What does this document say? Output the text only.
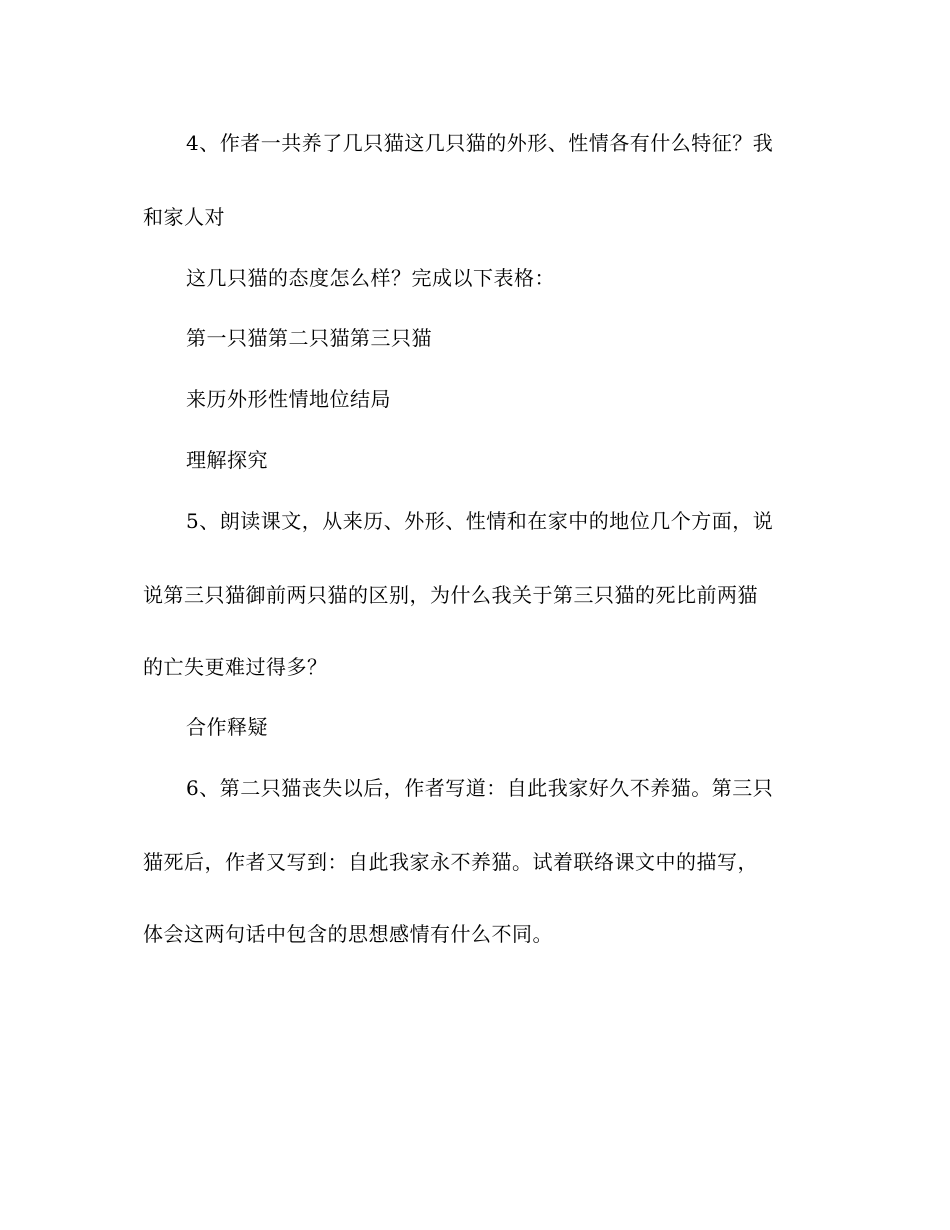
4、作者一共养了几只猫这几只猫的外形、性情各有什么特征？我
和家人对
这几只猫的态度怎么样？完成以下表格：
第一只猫第二只猫第三只猫
来历外形性情地位结局
理解探究
5、朗读课文，从来历、外形、性情和在家中的地位几个方面，说
说第三只猫御前两只猫的区别，为什么我关于第三只猫的死比前两猫
的亡失更难过得多？
合作释疑
6、第二只猫丧失以后，作者写道：自此我家好久不养猫。第三只
猫死后，作者又写到：自此我家永不养猫。试着联络课文中的描写，
体会这两句话中包含的思想感情有什么不同。
